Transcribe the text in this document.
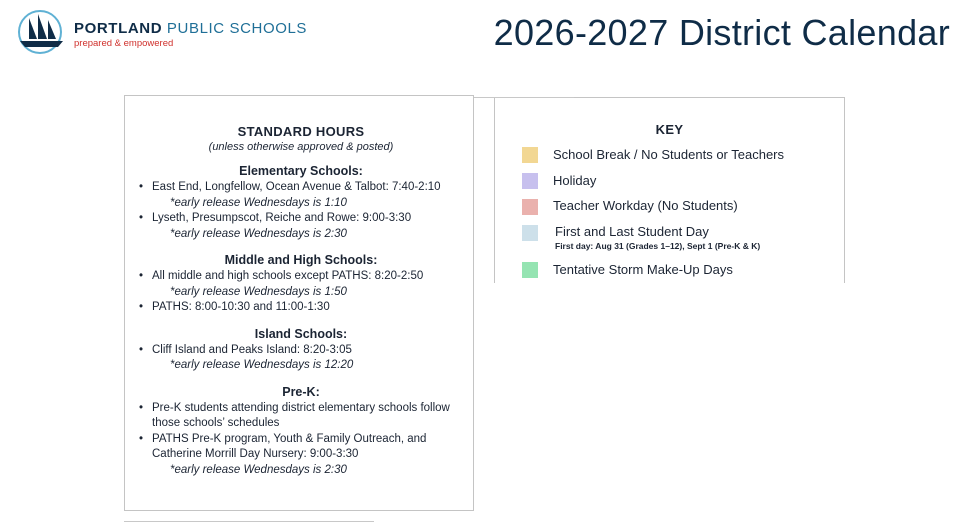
PORTLAND PUBLIC SCHOOLS
prepared & empowered	2026-2027 District Calendar
STANDARD HOURS
(unless otherwise approved & posted)
Elementary Schools:
• East End, Longfellow, Ocean Avenue & Talbot: 7:40-2:10
*early release Wednesdays is 1:10
• Lyseth, Presumpscot, Reiche and Rowe: 9:00-3:30
*early release Wednesdays is 2:30
Middle and High Schools:
• All middle and high schools except PATHS: 8:20-2:50
*early release Wednesdays is 1:50
• PATHS: 8:00-10:30 and 11:00-1:30
Island Schools:
• Cliff Island and Peaks Island: 8:20-3:05
*early release Wednesdays is 12:20
Pre-K:
• Pre-K students attending district elementary schools follow those schools’ schedules
• PATHS Pre-K program, Youth & Family Outreach, and Catherine Morrill Day Nursery: 9:00-3:30
*early release Wednesdays is 2:30
KEY
School Break / No Students or Teachers
Holiday
Teacher Workday (No Students)
First and Last Student Day
First day: Aug 31 (Grades 1–12), Sept 1 (Pre-K & K)
Tentative Storm Make-Up Days
